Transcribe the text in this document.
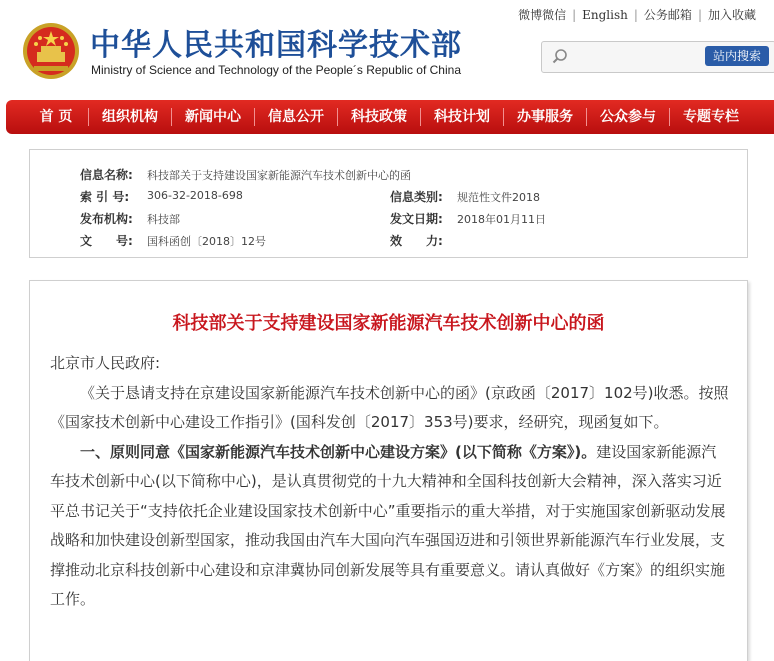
中华人民共和国科学技术部
Ministry of Science and Technology of the People´s Republic of China
微博微信 | English | 公务邮箱 | 加入收藏
站内搜索
首 页	组织机构	新闻中心	信息公开	科技政策	科技计划	办事服务	公众参与	专题专栏
信息名称: 科技部关于支持建设国家新能源汽车技术创新中心的函
索 引 号: 306-32-2018-698	信息类别: 规范性文件2018
发布机构: 科技部	发文日期: 2018年01月11日
文　　号: 国科函创〔2018〕12号	效　　力:
科技部关于支持建设国家新能源汽车技术创新中心的函

北京市人民政府:

《关于恳请支持在京建设国家新能源汽车技术创新中心的函》(京政函〔2017〕102号)收悉。按照《国家技术创新中心建设工作指引》(国科发创〔2017〕353号)要求，经研究，现函复如下。

一、原则同意《国家新能源汽车技术创新中心建设方案》(以下简称《方案》)。建设国家新能源汽车技术创新中心(以下简称中心)，是认真贯彻党的十九大精神和全国科技创新大会精神，深入落实习近平总书记关于“支持依托企业建设国家技术创新中心”重要指示的重大举措，对于实施国家创新驱动发展战略和加快建设创新型国家，推动我国由汽车大国向汽车强国迈进和引领世界新能源汽车行业发展，支撑推动北京科技创新中心建设和京津冀协同创新发展等具有重要意义。请认真做好《方案》的组织实施工作。
